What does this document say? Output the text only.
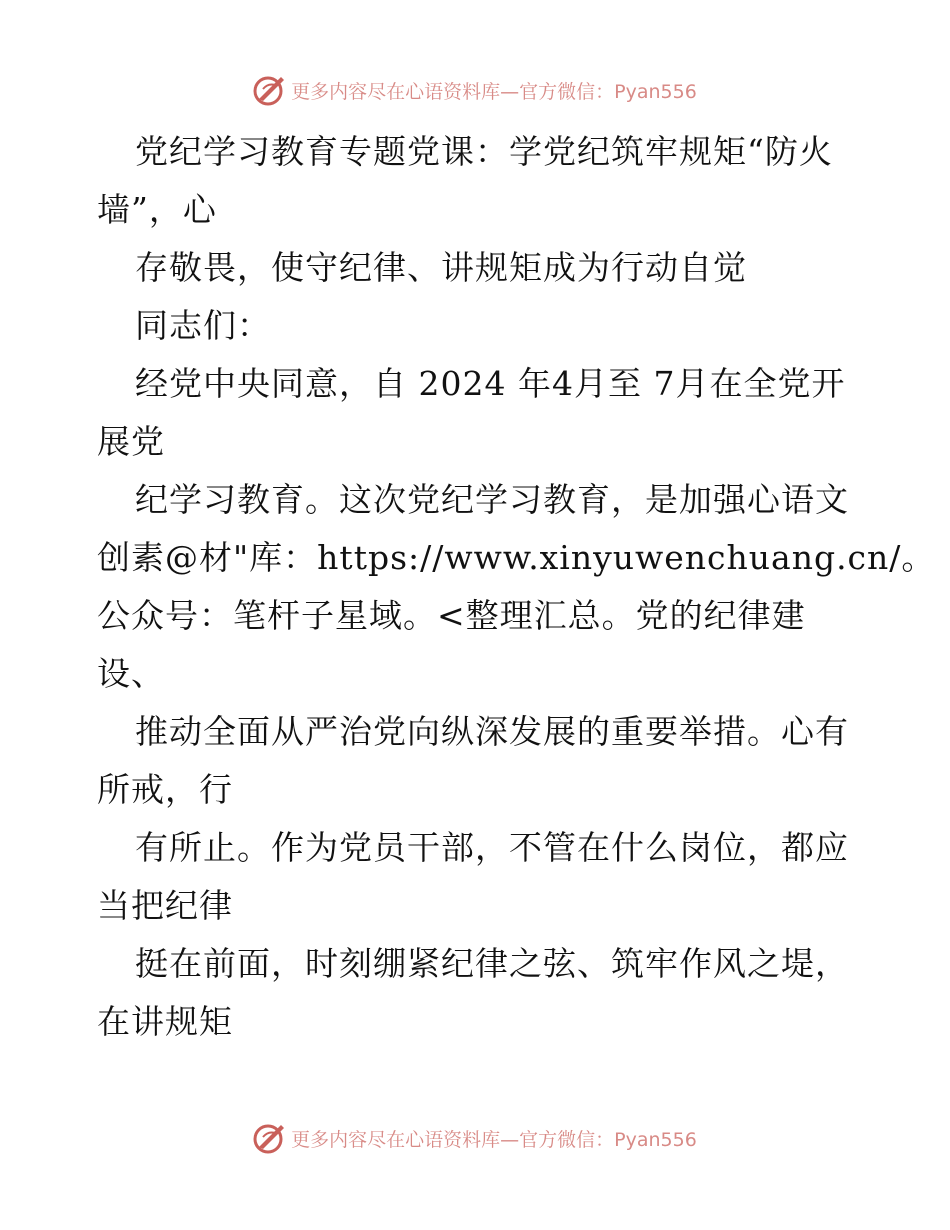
更多内容尽在心语资料库—官方微信：Pyan556
党纪学习教育专题党课：学党纪筑牢规矩“防火
墙”，心
存敬畏，使守纪律、讲规矩成为行动自觉
同志们：
经党中央同意，自 2024 年4月至 7月在全党开
展党
纪学习教育。这次党纪学习教育，是加强心语文
创素@材"库：https://www.xinyuwenchuang.cn/。
公众号：笔杆子星域。<整理汇总。党的纪律建
设、
推动全面从严治党向纵深发展的重要举措。心有
所戒，行
有所止。作为党员干部，不管在什么岗位，都应
当把纪律
挺在前面，时刻绷紧纪律之弦、筑牢作风之堤，
在讲规矩
更多内容尽在心语资料库—官方微信：Pyan556
